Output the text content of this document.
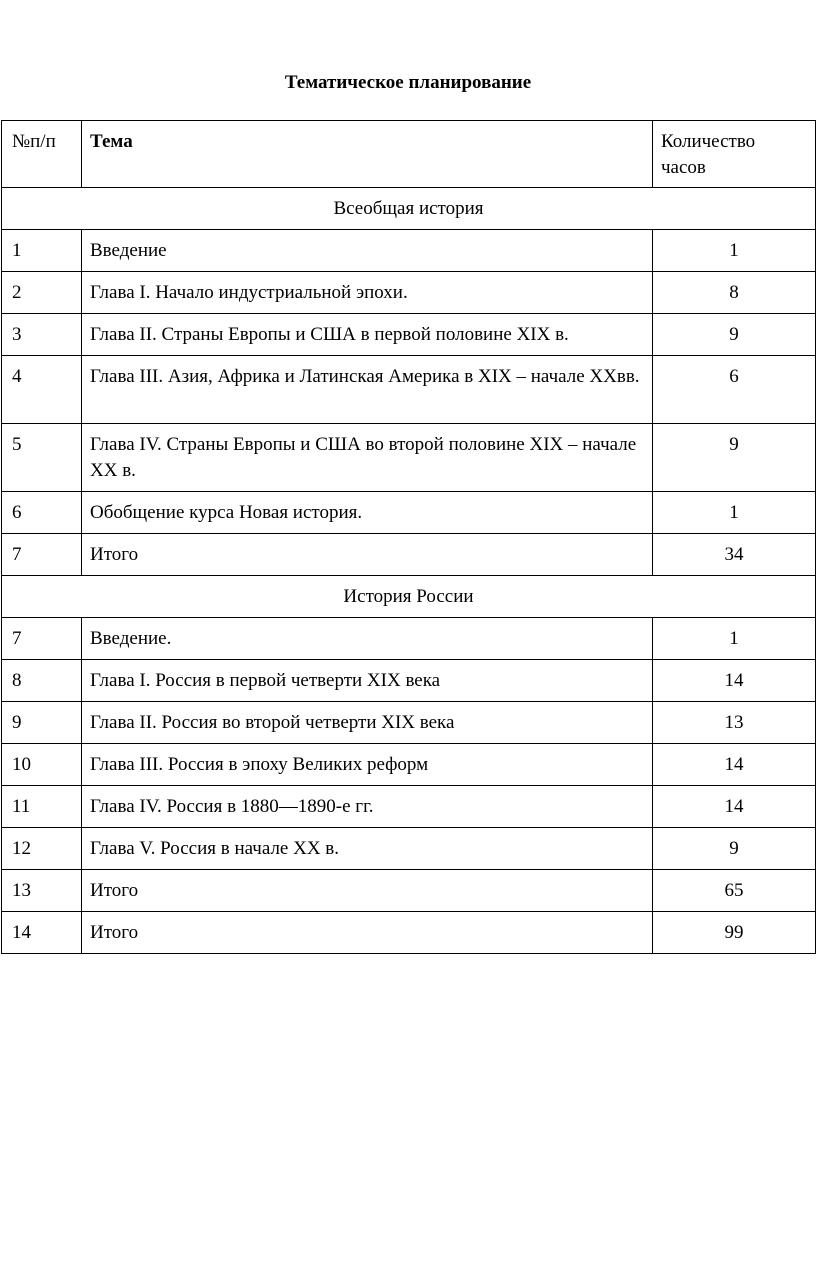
Тематическое планирование
№п/п	Тема	Количество
часов
Всеобщая история		
1	Введение	1
2	Глава I. Начало индустриальной эпохи.	8
3	Глава II. Страны Европы и США в первой половине XIX в.	9
4	Глава III. Азия, Африка и Латинская Америка в XIX – начале XXвв.	6
5	Глава IV. Страны Европы и США во второй половине XIX – начале XX в.	9
6	Обобщение курса Новая история.	1
7	Итого	34
История России		
7	Введение.	1
8	Глава I. Россия в первой четверти XIX века	14
9	Глава II. Россия во второй четверти XIX века	13
10	Глава III. Россия в эпоху Великих реформ	14
11	Глава IV. Россия в 1880—1890-е гг.	14
12	Глава V. Россия в начале XX в.	9
13	Итого	65
14	Итого	99
